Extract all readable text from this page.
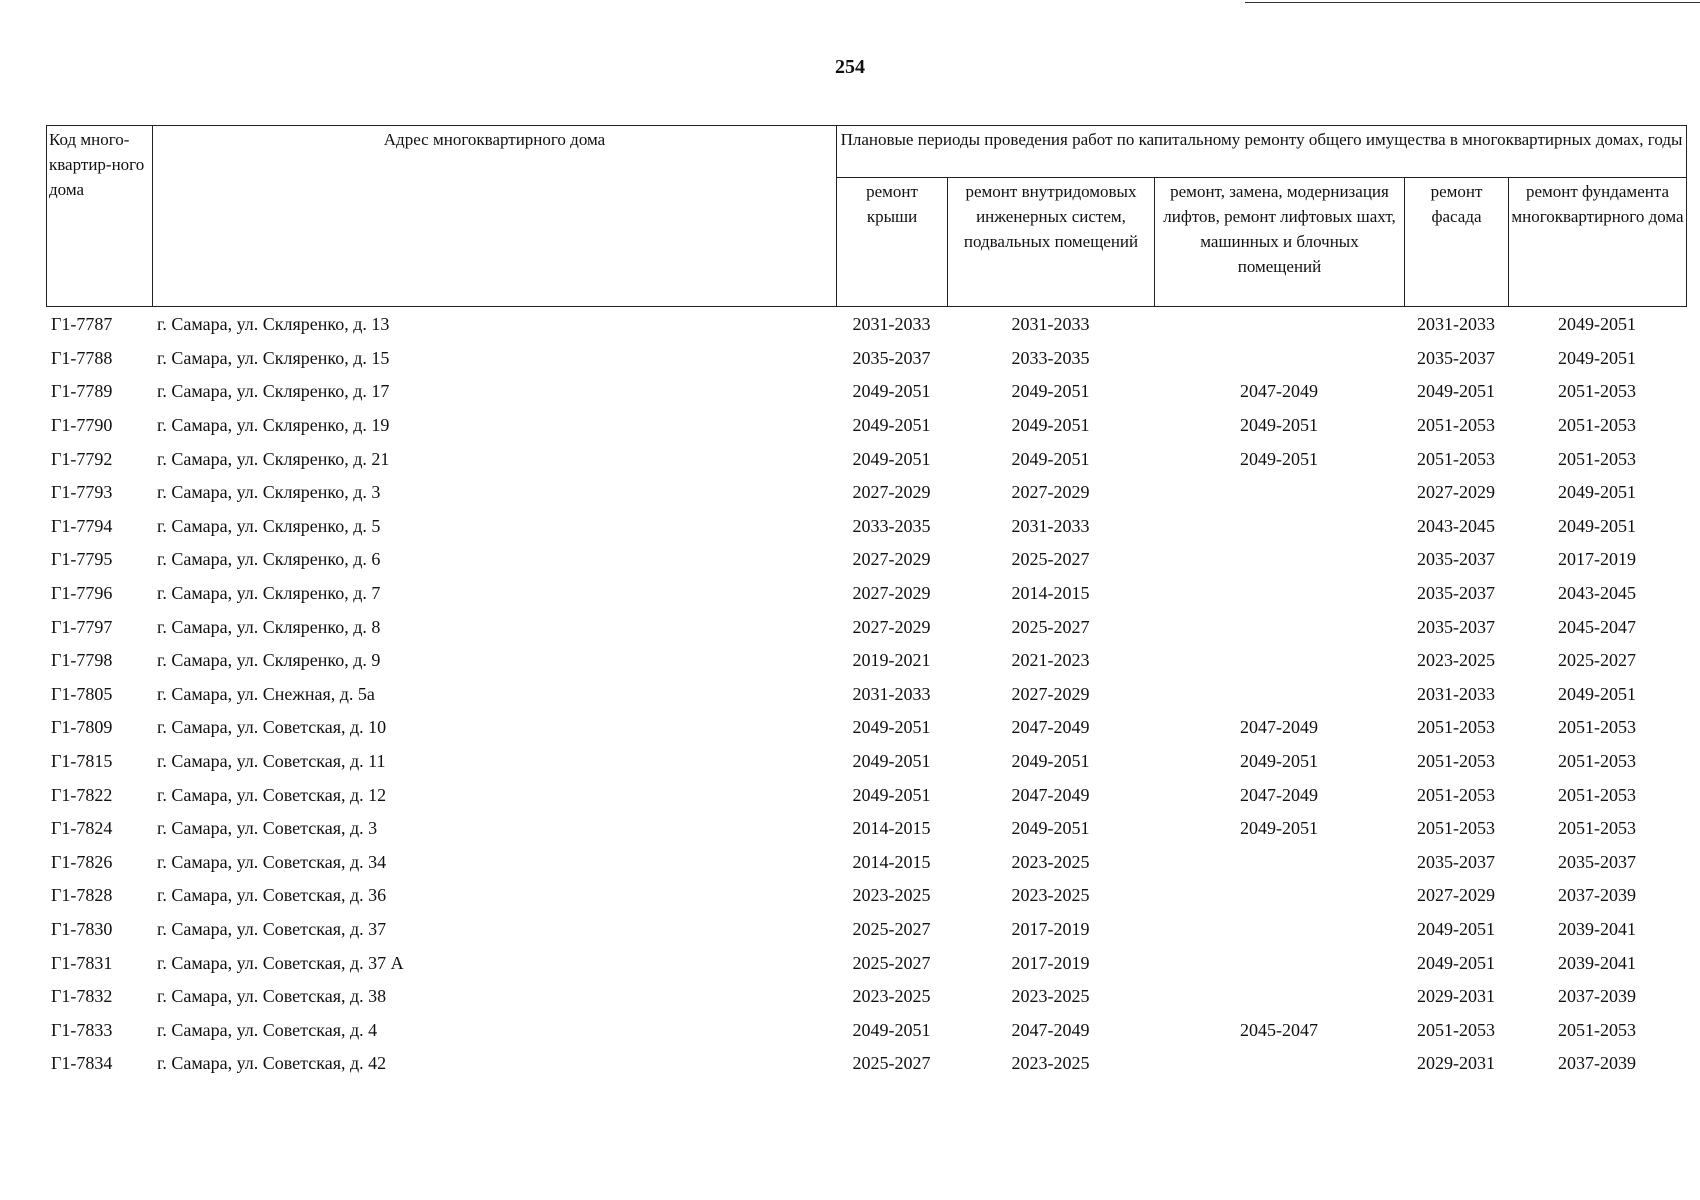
254
Код много-квартир-ного дома	Адрес многоквартирного дома	Плановые периоды проведения работ по капитальному ремонту общего имущества в многоквартирных домах, годы				
		ремонт крыши	ремонт внутридомовых инженерных систем, подвальных помещений	ремонт, замена, модернизация лифтов, ремонт лифтовых шахт, машинных и блочных помещений	ремонт фасада	ремонт фундамента многоквартирного дома
Г1-7787	г. Самара, ул. Скляренко, д. 13	2031-2033	2031-2033		2031-2033	2049-2051
Г1-7788	г. Самара, ул. Скляренко, д. 15	2035-2037	2033-2035		2035-2037	2049-2051
Г1-7789	г. Самара, ул. Скляренко, д. 17	2049-2051	2049-2051	2047-2049	2049-2051	2051-2053
Г1-7790	г. Самара, ул. Скляренко, д. 19	2049-2051	2049-2051	2049-2051	2051-2053	2051-2053
Г1-7792	г. Самара, ул. Скляренко, д. 21	2049-2051	2049-2051	2049-2051	2051-2053	2051-2053
Г1-7793	г. Самара, ул. Скляренко, д. 3	2027-2029	2027-2029		2027-2029	2049-2051
Г1-7794	г. Самара, ул. Скляренко, д. 5	2033-2035	2031-2033		2043-2045	2049-2051
Г1-7795	г. Самара, ул. Скляренко, д. 6	2027-2029	2025-2027		2035-2037	2017-2019
Г1-7796	г. Самара, ул. Скляренко, д. 7	2027-2029	2014-2015		2035-2037	2043-2045
Г1-7797	г. Самара, ул. Скляренко, д. 8	2027-2029	2025-2027		2035-2037	2045-2047
Г1-7798	г. Самара, ул. Скляренко, д. 9	2019-2021	2021-2023		2023-2025	2025-2027
Г1-7805	г. Самара, ул. Снежная, д. 5а	2031-2033	2027-2029		2031-2033	2049-2051
Г1-7809	г. Самара, ул. Советская, д. 10	2049-2051	2047-2049	2047-2049	2051-2053	2051-2053
Г1-7815	г. Самара, ул. Советская, д. 11	2049-2051	2049-2051	2049-2051	2051-2053	2051-2053
Г1-7822	г. Самара, ул. Советская, д. 12	2049-2051	2047-2049	2047-2049	2051-2053	2051-2053
Г1-7824	г. Самара, ул. Советская, д. 3	2014-2015	2049-2051	2049-2051	2051-2053	2051-2053
Г1-7826	г. Самара, ул. Советская, д. 34	2014-2015	2023-2025		2035-2037	2035-2037
Г1-7828	г. Самара, ул. Советская, д. 36	2023-2025	2023-2025		2027-2029	2037-2039
Г1-7830	г. Самара, ул. Советская, д. 37	2025-2027	2017-2019		2049-2051	2039-2041
Г1-7831	г. Самара, ул. Советская, д. 37 А	2025-2027	2017-2019		2049-2051	2039-2041
Г1-7832	г. Самара, ул. Советская, д. 38	2023-2025	2023-2025		2029-2031	2037-2039
Г1-7833	г. Самара, ул. Советская, д. 4	2049-2051	2047-2049	2045-2047	2051-2053	2051-2053
Г1-7834	г. Самара, ул. Советская, д. 42	2025-2027	2023-2025		2029-2031	2037-2039
